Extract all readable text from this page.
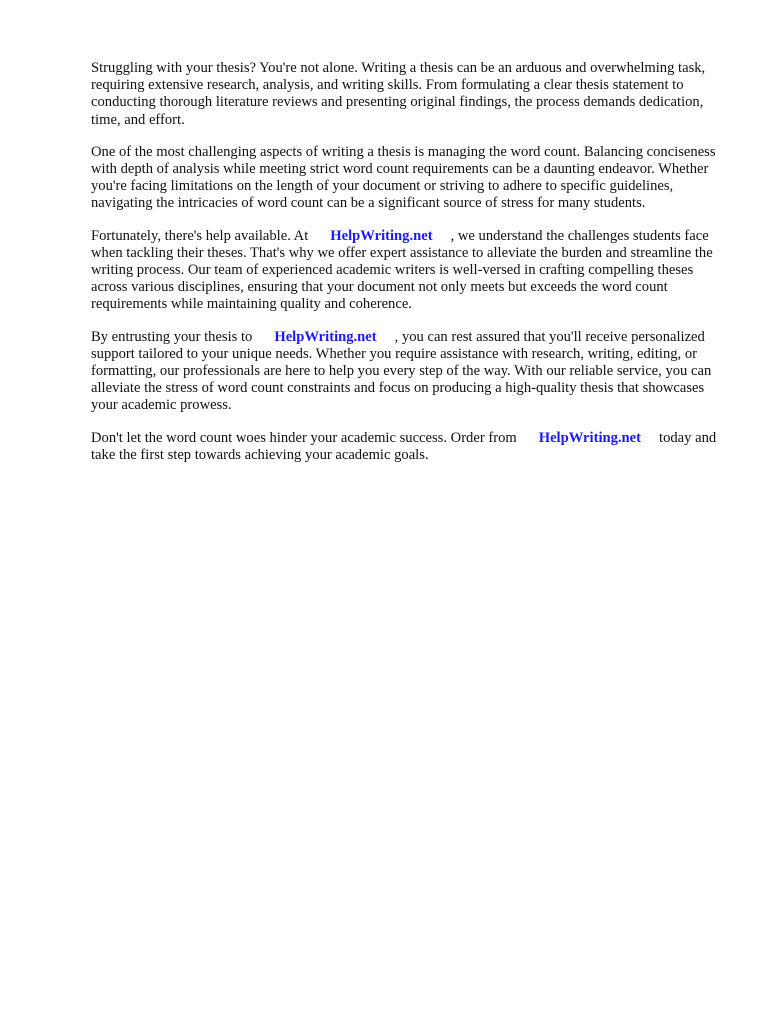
Struggling with your thesis? You're not alone. Writing a thesis can be an arduous and overwhelming task, requiring extensive research, analysis, and writing skills. From formulating a clear thesis statement to conducting thorough literature reviews and presenting original findings, the process demands dedication, time, and effort.

One of the most challenging aspects of writing a thesis is managing the word count. Balancing conciseness with depth of analysis while meeting strict word count requirements can be a daunting endeavor. Whether you're facing limitations on the length of your document or striving to adhere to specific guidelines, navigating the intricacies of word count can be a significant source of stress for many students.

Fortunately, there's help available. At HelpWriting.net , we understand the challenges students face when tackling their theses. That's why we offer expert assistance to alleviate the burden and streamline the writing process. Our team of experienced academic writers is well-versed in crafting compelling theses across various disciplines, ensuring that your document not only meets but exceeds the word count requirements while maintaining quality and coherence.

By entrusting your thesis to HelpWriting.net , you can rest assured that you'll receive personalized support tailored to your unique needs. Whether you require assistance with research, writing, editing, or formatting, our professionals are here to help you every step of the way. With our reliable service, you can alleviate the stress of word count constraints and focus on producing a high-quality thesis that showcases your academic prowess.

Don't let the word count woes hinder your academic success. Order from HelpWriting.net today and take the first step towards achieving your academic goals.
